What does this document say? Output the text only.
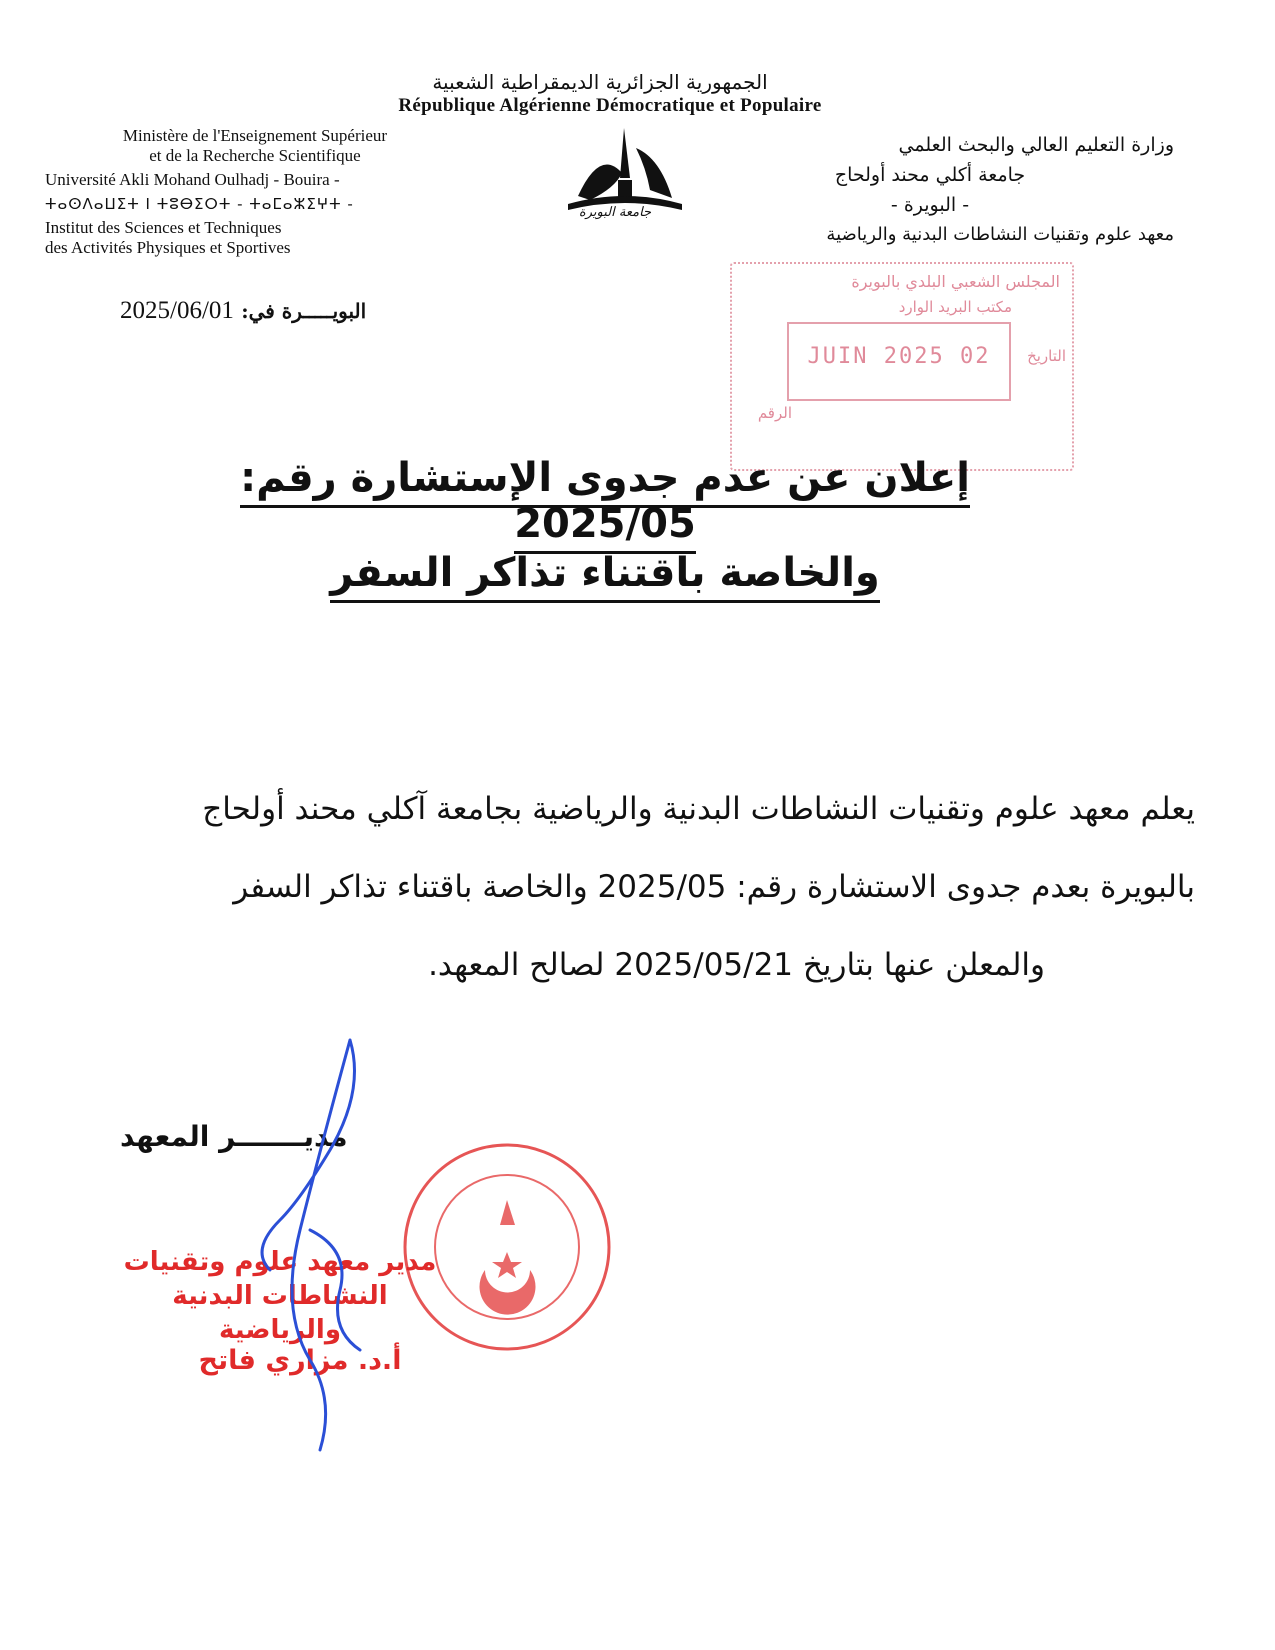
الجمهورية الجزائرية الديمقراطية الشعبية
République Algérienne Démocratique et Populaire
Ministère de l'Enseignement Supérieur
et de la Recherche Scientifique
Université Akli Mohand Oulhadj - Bouira -
ⵜⴰⵙⴷⴰⵡⵉⵜ ⵏ ⵜⵓⴱⵉⵔⵜ - ⵜⴰⵎⴰⵣⵉⵖⵜ -
Institut des Sciences et Techniques
des Activités Physiques et Sportives
جامعة البويرة
وزارة التعليم العالي والبحث العلمي
جامعة أكلي محند أولحاج
- البويرة -
معهد علوم وتقنيات النشاطات البدنية والرياضية
البويـــــرة في: 2025/06/01
المجلس الشعبي البلدي بالبويرة
مكتب البريد الوارد
التاريخ
02 JUIN 2025
الرقم
إعلان عن عدم جدوى الإستشارة رقم: 2025/05
والخاصة باقتناء تذاكر السفر
يعلم معهد علوم وتقنيات النشاطات البدنية والرياضية بجامعة آكلي محند أولحاج
بالبويرة بعدم جدوى الاستشارة رقم: 2025/05 والخاصة باقتناء تذاكر السفر
والمعلن عنها بتاريخ 2025/05/21 لصالح المعهد.
مديـــــــر المعهد
مدير معهد علوم وتقنيات
النشاطات البدنية والرياضية
أ.د. مزاري فاتح
